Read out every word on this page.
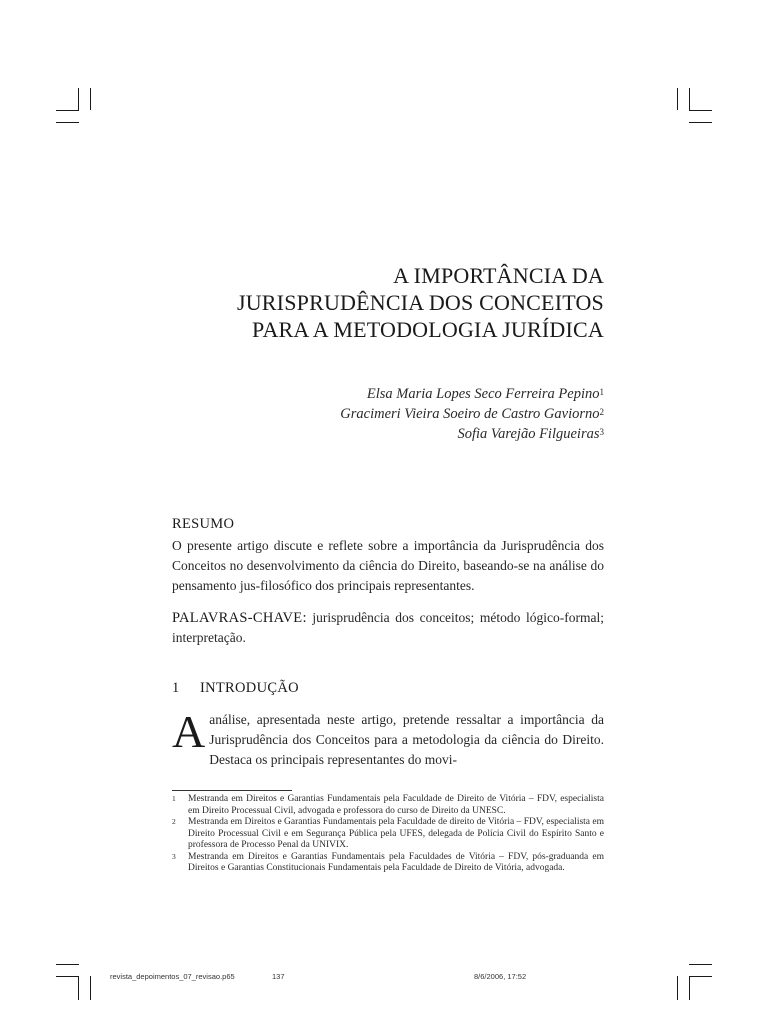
A IMPORTÂNCIA DA
JURISPRUDÊNCIA DOS CONCEITOS
PARA A METODOLOGIA JURÍDICA
Elsa Maria Lopes Seco Ferreira Pepino$^1$
Gracimeri Vieira Soeiro de Castro Gaviorno$^2$
Sofia Varejão Filgueiras$^3$
RESUMO
O presente artigo discute e reflete sobre a importância da Jurisprudência dos Conceitos no desenvolvimento da ciência do Direito, baseando-se na análise do pensamento jus-filosófico dos principais representantes.
PALAVRAS-CHAVE: jurisprudência dos conceitos; método lógico-formal; interpretação.
1 INTRODUÇÃO
Aanálise, apresentada neste artigo, pretende ressaltar a importância da Jurisprudência dos Conceitos para a metodologia da ciência do Direito. Destaca os principais representantes do movi-
1 Mestranda em Direitos e Garantias Fundamentais pela Faculdade de Direito de Vitória – FDV, especialista em Direito Processual Civil, advogada e professora do curso de Direito da UNESC.
2 Mestranda em Direitos e Garantias Fundamentais pela Faculdade de direito de Vitória – FDV, especialista em Direito Processual Civil e em Segurança Pública pela UFES, delegada de Polícia Civil do Espírito Santo e professora de Processo Penal da UNIVIX.
3 Mestranda em Direitos e Garantias Fundamentais pela Faculdades de Vitória – FDV, pós-graduanda em Direitos e Garantias Constitucionais Fundamentais pela Faculdade de Direito de Vitória, advogada.
revista_depoimentos_07_revisao.p65	137	8/6/2006, 17:52
